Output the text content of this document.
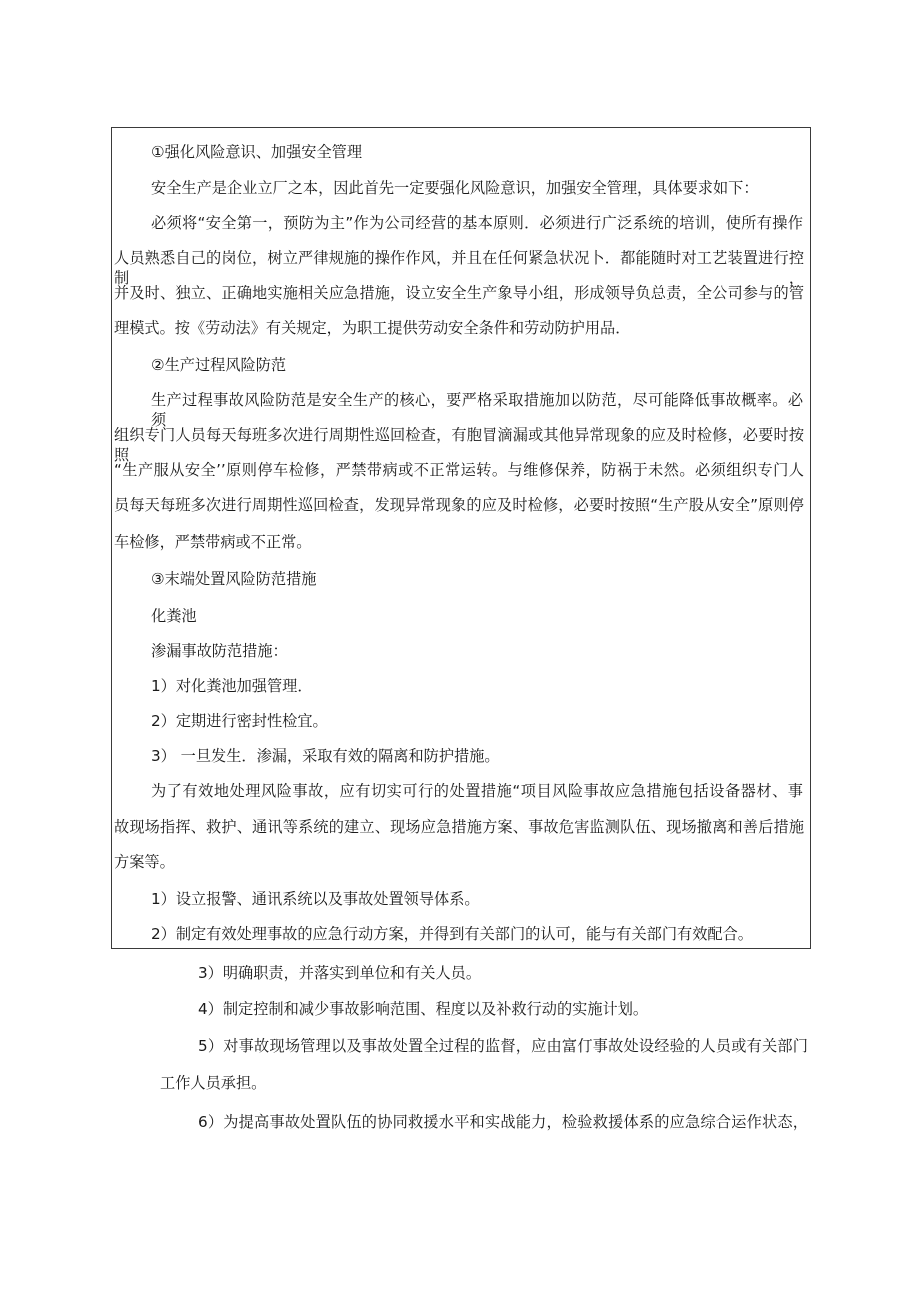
①强化风险意识、加强安全管理
安全生产是企业立厂之本，因此首先一定要强化风险意识，加强安全管理，具体要求如下：
必须将“安全第一，预防为主”作为公司经营的基本原则．必须进行广泛系统的培训，使所有操作
人员熟悉自己的岗位，树立严律规施的操作作风，并且在任何紧急状况卜．都能随时对工艺装置进行控制，
并及时、独立、正确地实施相关应急措施，设立安全生产象导小组，形成领导负总责，全公司参与的管
理模式。按《劳动法》有关规定，为职工提供劳动安全条件和劳动防护用品．
②生产过程风险防范
生产过程事故风险防范是安全生产的核心，要严格采取措施加以防范，尽可能降低事故概率。必须
组织专门人员每天每班多次进行周期性巡回检查，有胞冒滴漏或其他异常现象的应及时检修，必要时按照
“生产服从安全’’原则停车检修，严禁带病或不正常运转。与维修保养，防祸于未然。必须组织专门人
员每天每班多次进行周期性巡回检查，发现异常现象的应及时检修，必要时按照“生产股从安全”原则停
车检修，严禁带病或不正常。
③末端处置风险防范措施
化粪池
渗漏事故防范措施：
1）对化粪池加强管理．
2）定期进行密封性检宜。
3） 一旦发生．渗漏，采取有效的隔离和防护措施。
为了有效地处理风险事故，应有切实可行的处置措施“项目风险事故应急措施包括设备器材、事
故现场指挥、救护、通讯等系统的建立、现场应急措施方案、事故危害监测队伍、现场撤离和善后措施
方案等。
1）设立报警、通讯系统以及事故处置领导体系。
2）制定有效处理事故的应急行动方案，并得到有关部门的认可，能与有关部门有效配合。
3）明确职责，并落实到单位和有关人员。
4）制定控制和减少事故影响范围、程度以及补救行动的实施计划。
5）对事故现场管理以及事故处置全过程的监督，应由富仃事故处设经验的人员或有关部门
工作人员承担。
6）为提高事故处置队伍的协同救援水平和实战能力，检验救援体系的应急综合运作状态，
